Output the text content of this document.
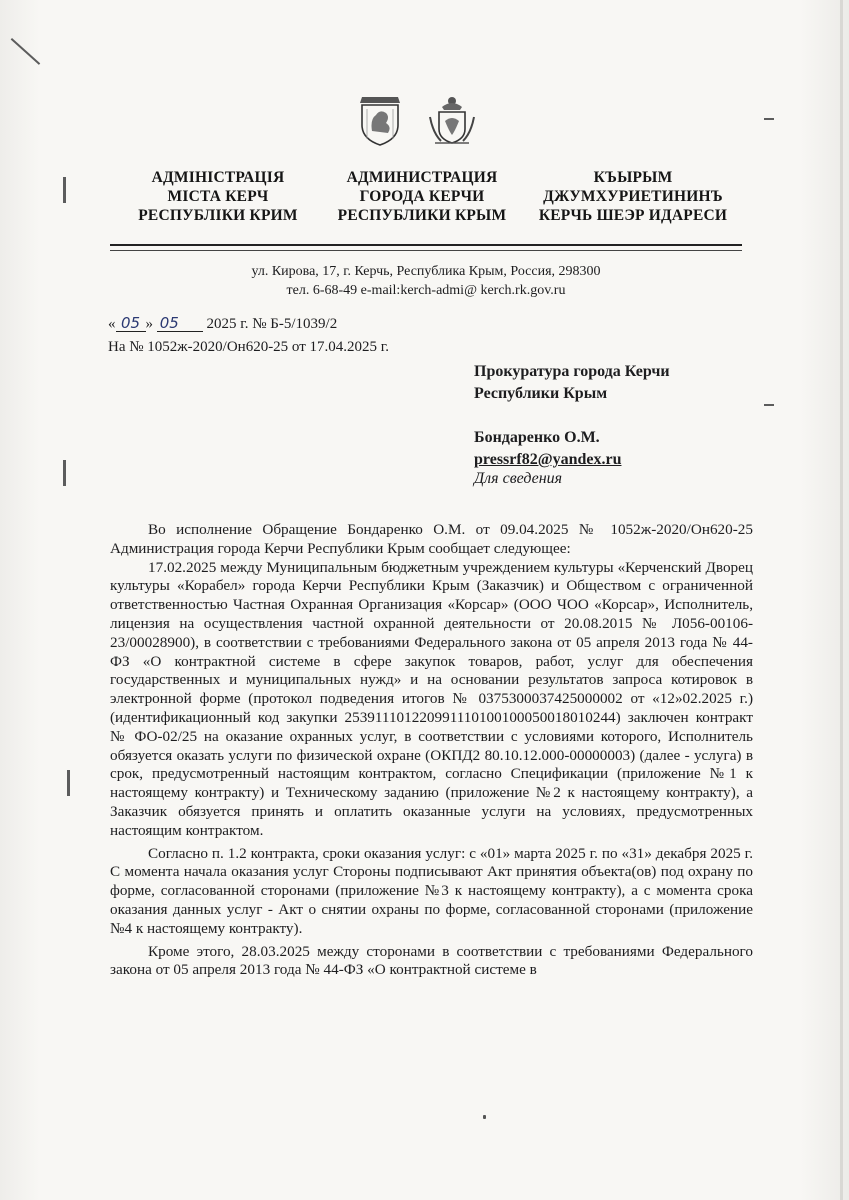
АДМІНІСТРАЦІЯ
МІСТА КЕРЧ
РЕСПУБЛІКИ КРИМ
АДМИНИСТРАЦИЯ
ГОРОДА КЕРЧИ
РЕСПУБЛИКИ КРЫМ
КЪЫРЫМ
ДЖУМХУРИЕТИНИНЪ
КЕРЧЬ ШЕЭР ИДАРЕСИ
ул. Кирова, 17, г. Керчь, Республика Крым, Россия, 298300
тел. 6-68-49 e-mail:kerch-admi@ kerch.rk.gov.ru
« 05 » 05 2025 г. № Б-5/1039/2
На № 1052ж-2020/Он620-25 от 17.04.2025 г.
Прокуратура города Керчи
Республики Крым
Бондаренко О.М.
pressrf82@yandex.ru
Для сведения

Во исполнение Обращение Бондаренко О.М. от 09.04.2025 № 1052ж-2020/Он620-25 Администрация города Керчи Республики Крым сообщает следующее:

17.02.2025 между Муниципальным бюджетным учреждением культуры «Керченский Дворец культуры «Корабел» города Керчи Республики Крым (Заказчик) и Обществом с ограниченной ответственностью Частная Охранная Организация «Корсар» (ООО ЧОО «Корсар», Исполнитель, лицензия на осуществления частной охранной деятельности от 20.08.2015 № Л056-00106-23/00028900), в соответствии с требованиями Федерального закона от 05 апреля 2013 года № 44-ФЗ «О контрактной системе в сфере закупок товаров, работ, услуг для обеспечения государственных и муниципальных нужд» и на основании результатов запроса котировок в электронной форме (протокол подведения итогов № 0375300037425000002 от «12»02.2025 г.) (идентификационный код закупки 253911101220991110100100050018010244) заключен контракт № ФО-02/25 на оказание охранных услуг, в соответствии с условиями которого, Исполнитель обязуется оказать услуги по физической охране (ОКПД2 80.10.12.000-00000003) (далее - услуга) в срок, предусмотренный настоящим контрактом, согласно Спецификации (приложение №1 к настоящему контракту) и Техническому заданию (приложение №2 к настоящему контракту), а Заказчик обязуется принять и оплатить оказанные услуги на условиях, предусмотренных настоящим контрактом.

Согласно п. 1.2 контракта, сроки оказания услуг: с «01» марта 2025 г. по «31» декабря 2025 г. С момента начала оказания услуг Стороны подписывают Акт принятия объекта(ов) под охрану по форме, согласованной сторонами (приложение №3 к настоящему контракту), а с момента срока оказания данных услуг - Акт о снятии охраны по форме, согласованной сторонами (приложение №4 к настоящему контракту).

Кроме этого, 28.03.2025 между сторонами в соответствии с требованиями Федерального закона от 05 апреля 2013 года № 44-ФЗ «О контрактной системе в
